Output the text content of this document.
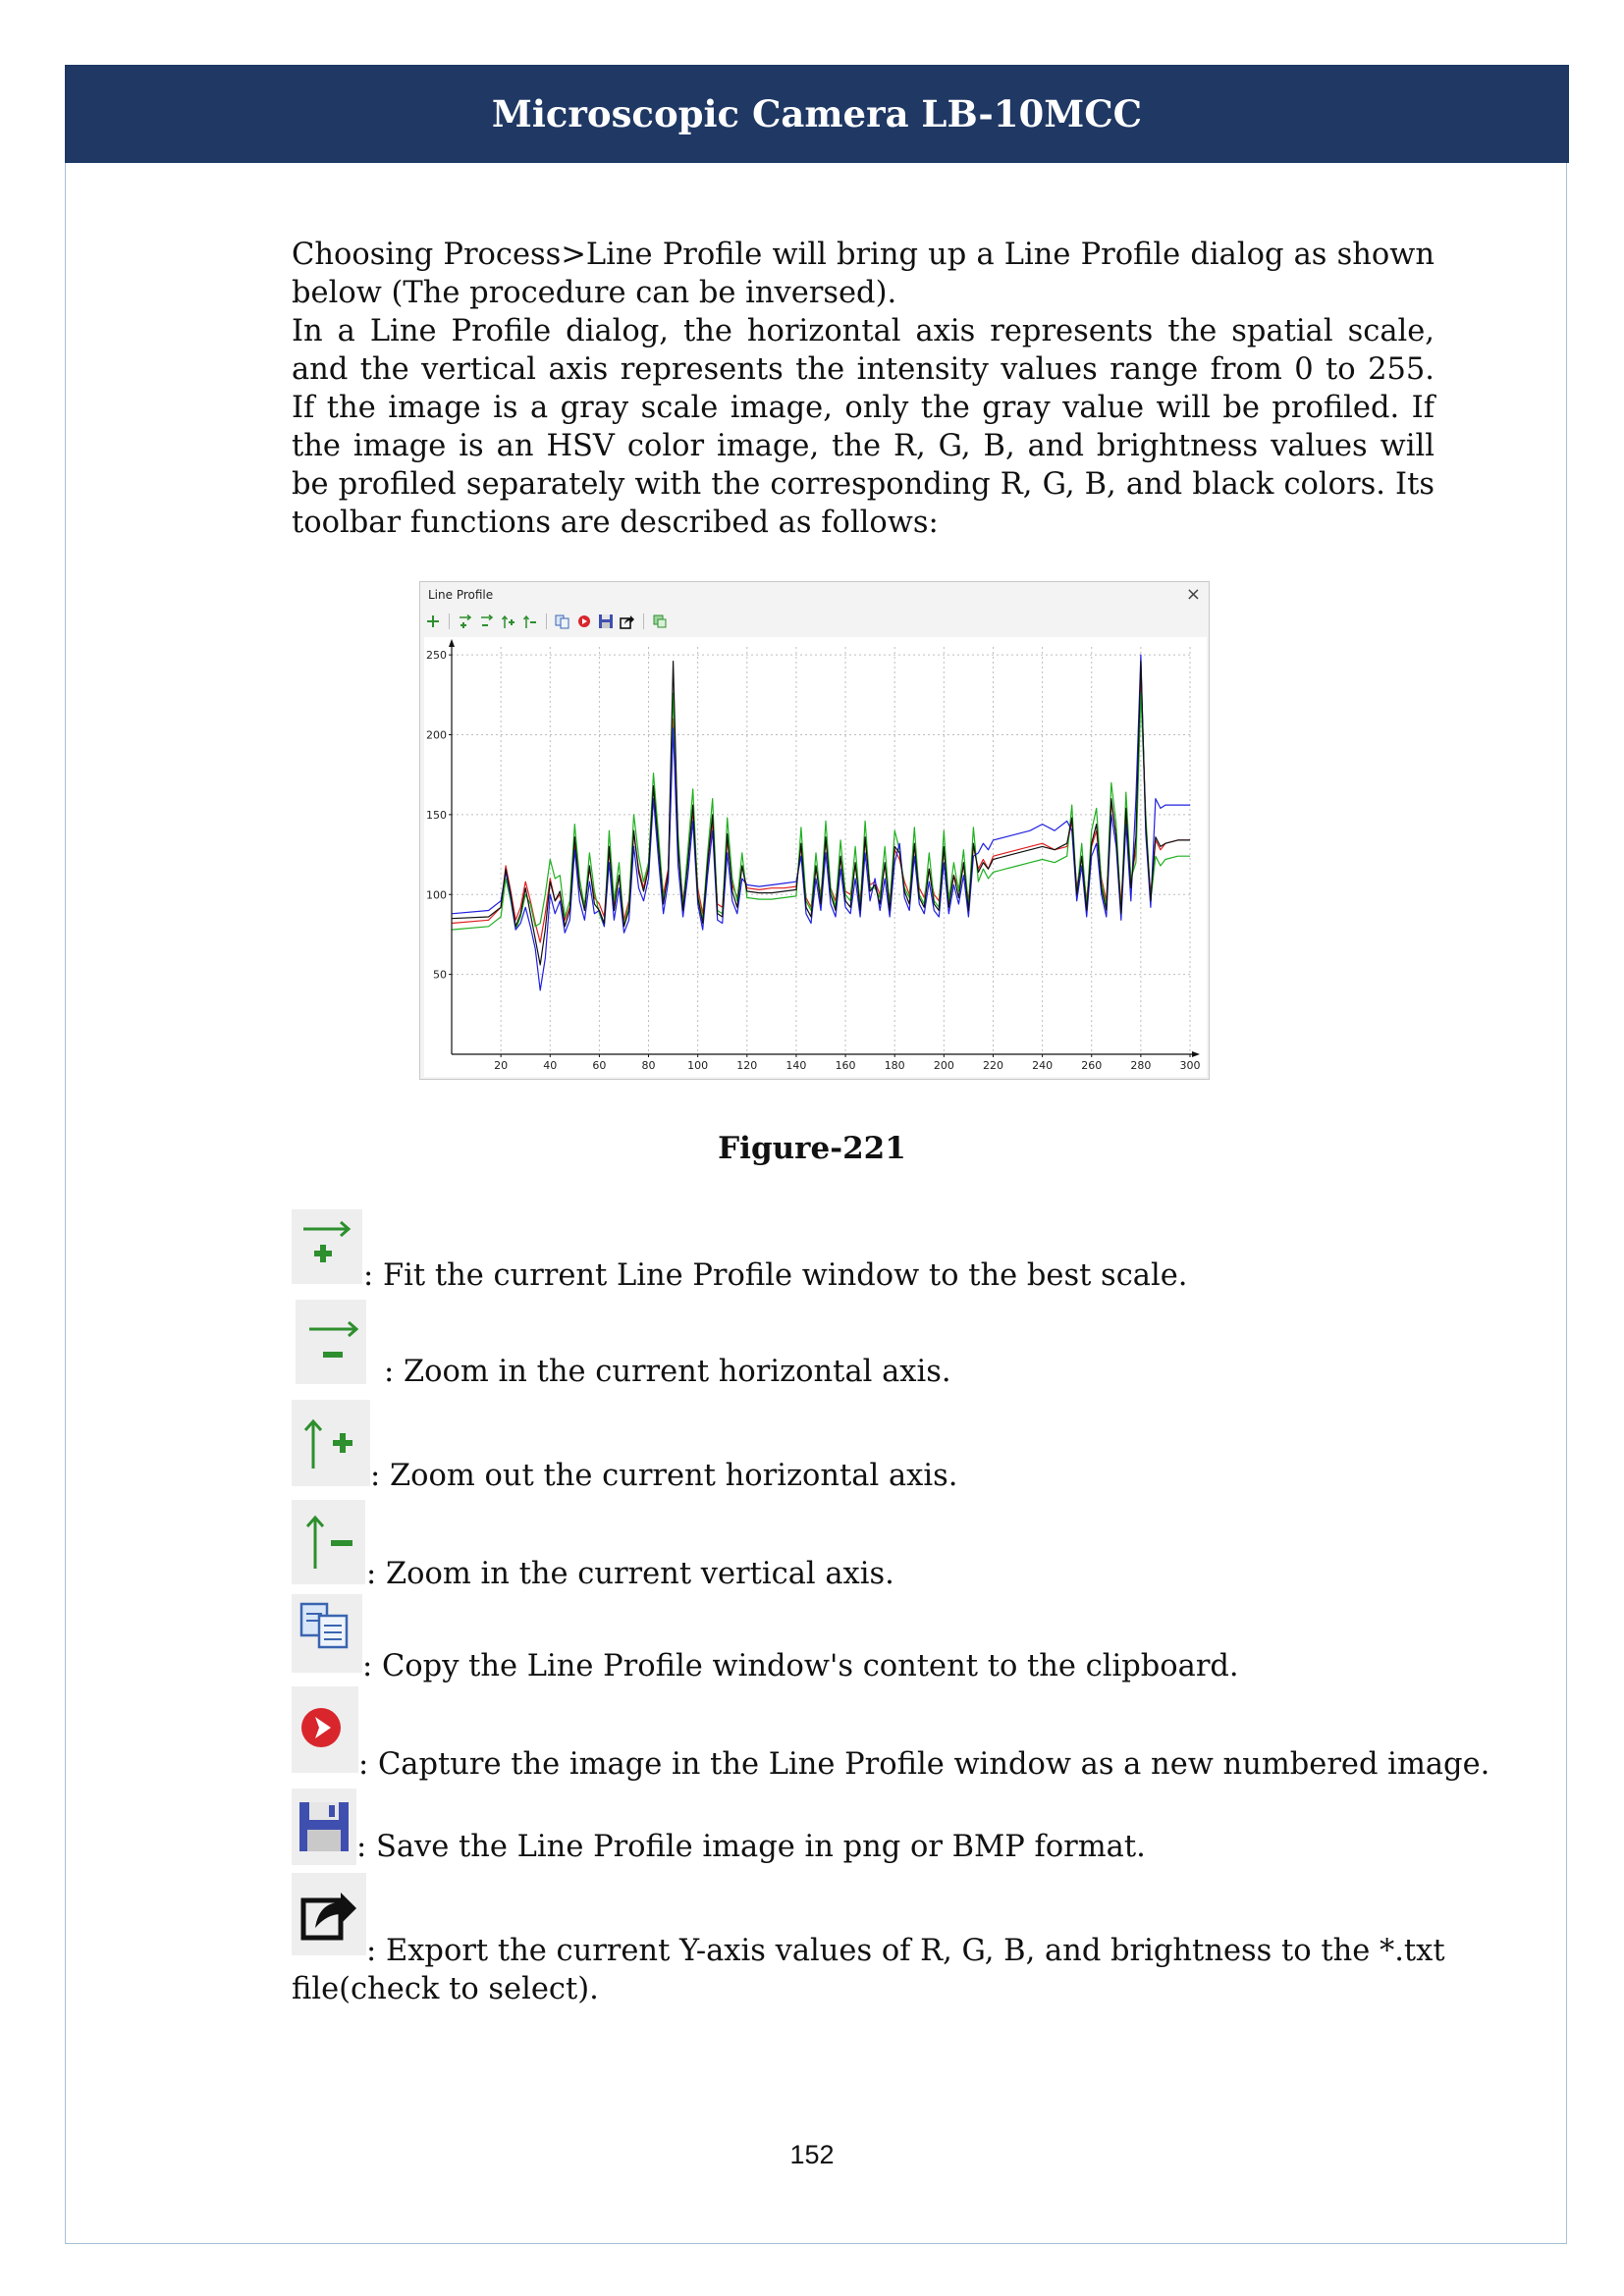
Microscopic Camera LB-10MCC

Choosing Process>Line Profile will bring up a Line Profile dialog as shown below (The procedure can be inversed).

In a Line Profile dialog, the horizontal axis represents the spatial scale, and the vertical axis represents the intensity values range from 0 to 255. If the image is a gray scale image, only the gray value will be profiled. If the image is an HSV color image, the R, G, B, and brightness values will be profiled separately with the corresponding R, G, B, and black colors. Its toolbar functions are described as follows:

Line Profile	×
20	40	60	80	100	120	140	160	180	200	220	240	260	280	300
50
100
150
200
250
Figure-221
: Fit the current Line Profile window to the best scale.
: Zoom in the current horizontal axis.
: Zoom out the current horizontal axis.
: Zoom in the current vertical axis.
: Copy the Line Profile window's content to the clipboard.
: Capture the image in the Line Profile window as a new numbered image.
: Save the Line Profile image in png or BMP format.
: Export the current Y-axis values of R, G, B, and brightness to the *.txt file(check to select).
152
